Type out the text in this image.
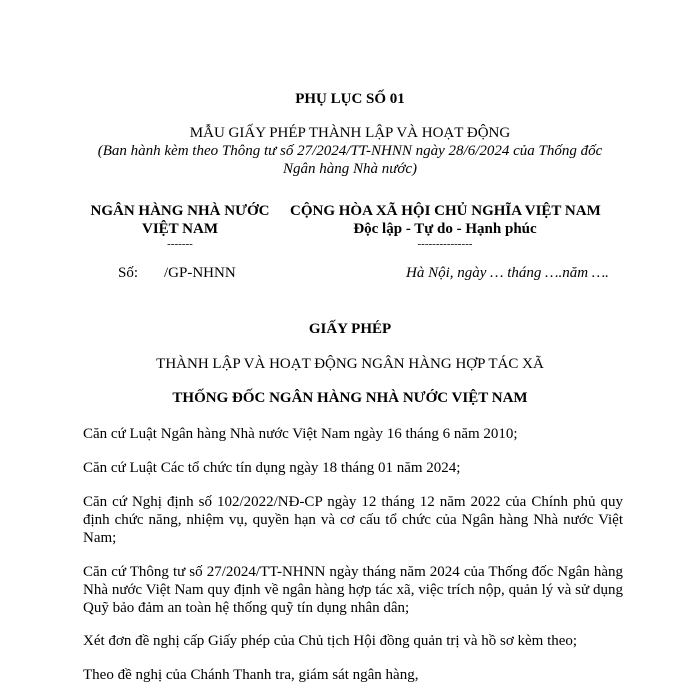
PHỤ LỤC SỐ 01
MẪU GIẤY PHÉP THÀNH LẬP VÀ HOẠT ĐỘNG
(Ban hành kèm theo Thông tư số 27/2024/TT-NHNN ngày 28/6/2024 của Thống đốc
Ngân hàng Nhà nước)
NGÂN HÀNG NHÀ NƯỚC
VIỆT NAM
-------
CỘNG HÒA XÃ HỘI CHỦ NGHĨA VIỆT NAM
Độc lập - Tự do - Hạnh phúc
---------------
Số: /GP-NHNN	Hà Nội, ngày … tháng ….năm ….
GIẤY PHÉP
THÀNH LẬP VÀ HOẠT ĐỘNG NGÂN HÀNG HỢP TÁC XÃ
THỐNG ĐỐC NGÂN HÀNG NHÀ NƯỚC VIỆT NAM
Căn cứ Luật Ngân hàng Nhà nước Việt Nam ngày 16 tháng 6 năm 2010;
Căn cứ Luật Các tổ chức tín dụng ngày 18 tháng 01 năm 2024;
Căn cứ Nghị định số 102/2022/NĐ-CP ngày 12 tháng 12 năm 2022 của Chính phủ quy định chức năng, nhiệm vụ, quyền hạn và cơ cấu tổ chức của Ngân hàng Nhà nước Việt Nam;
Căn cứ Thông tư số 27/2024/TT-NHNN ngày tháng năm 2024 của Thống đốc Ngân hàng Nhà nước Việt Nam quy định về ngân hàng hợp tác xã, việc trích nộp, quản lý và sử dụng Quỹ bảo đảm an toàn hệ thống quỹ tín dụng nhân dân;
Xét đơn đề nghị cấp Giấy phép của Chủ tịch Hội đồng quản trị và hồ sơ kèm theo;
Theo đề nghị của Chánh Thanh tra, giám sát ngân hàng,
